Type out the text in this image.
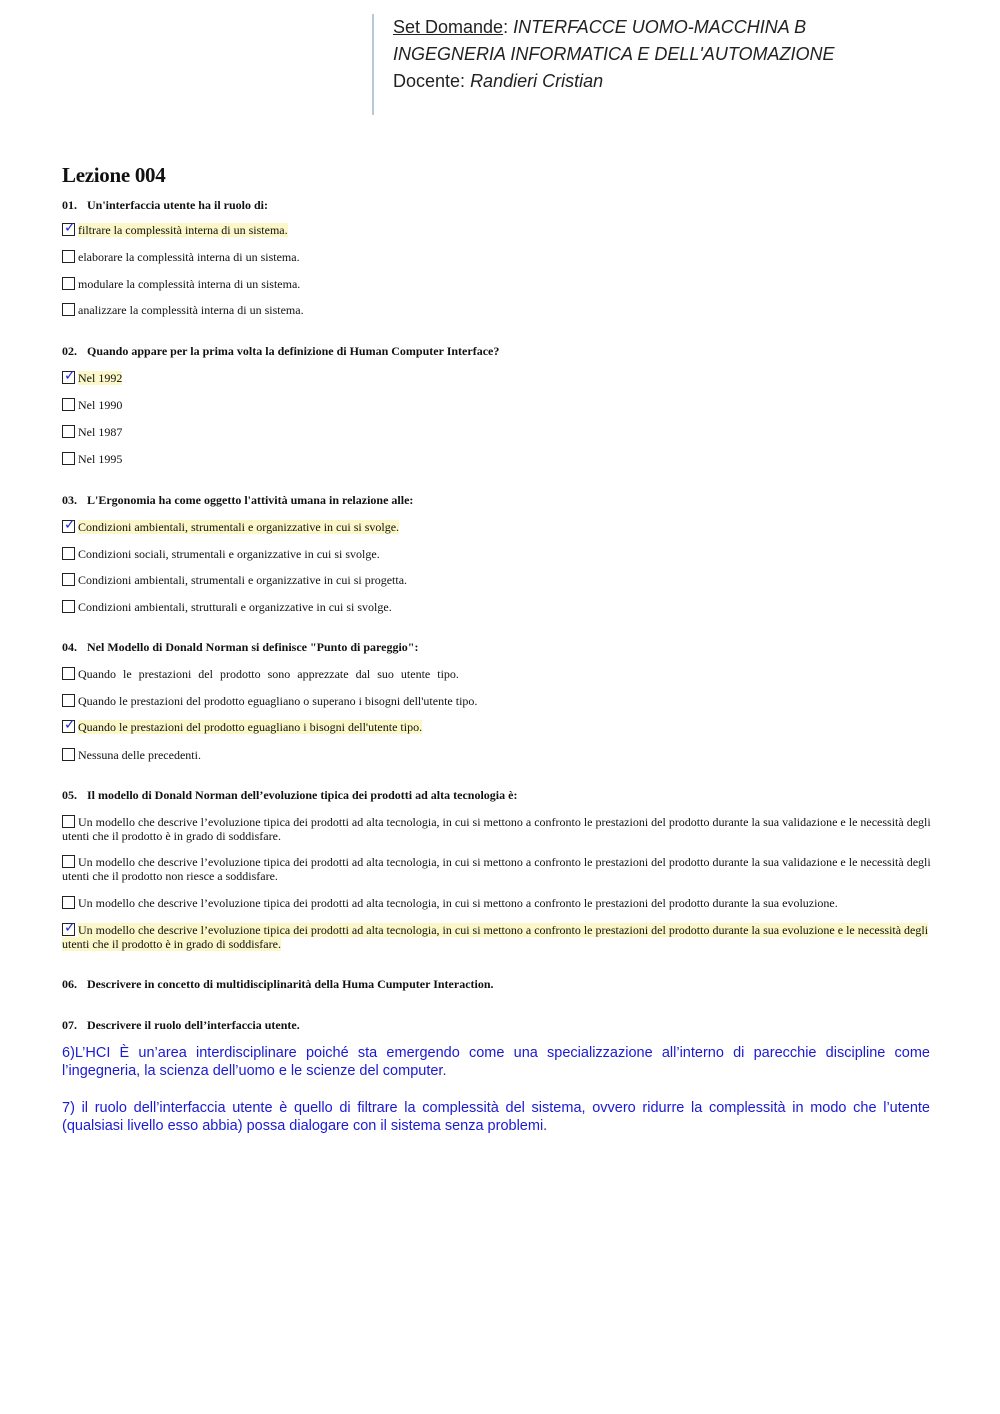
Set Domande: INTERFACCE UOMO-MACCHINA B
INGEGNERIA INFORMATICA E DELL'AUTOMAZIONE
Docente: Randieri Cristian
Lezione 004
01. Un'interfaccia utente ha il ruolo di:
✓ filtrare la complessità interna di un sistema.
elaborare la complessità interna di un sistema.
modulare la complessità interna di un sistema.
analizzare la complessità interna di un sistema.
02. Quando appare per la prima volta la definizione di Human Computer Interface?
✓ Nel 1992
Nel 1990
Nel 1987
Nel 1995
03. L'Ergonomia ha come oggetto l'attività umana in relazione alle:
✓ Condizioni ambientali, strumentali e organizzative in cui si svolge.
Condizioni sociali, strumentali e organizzative in cui si svolge.
Condizioni ambientali, strumentali e organizzative in cui si progetta.
Condizioni ambientali, strutturali e organizzative in cui si svolge.
04. Nel Modello di Donald Norman si definisce "Punto di pareggio":
Quando le prestazioni del prodotto sono apprezzate dal suo utente tipo.
Quando le prestazioni del prodotto eguagliano o superano i bisogni dell'utente tipo.
✓ Quando le prestazioni del prodotto eguagliano i bisogni dell'utente tipo.
Nessuna delle precedenti.
05. Il modello di Donald Norman dell’evoluzione tipica dei prodotti ad alta tecnologia è:
Un modello che descrive l’evoluzione tipica dei prodotti ad alta tecnologia, in cui si mettono a confronto le prestazioni del prodotto durante la sua validazione e le necessità degli utenti che il prodotto è in grado di soddisfare.
Un modello che descrive l’evoluzione tipica dei prodotti ad alta tecnologia, in cui si mettono a confronto le prestazioni del prodotto durante la sua validazione e le necessità degli utenti che il prodotto non riesce a soddisfare.
Un modello che descrive l’evoluzione tipica dei prodotti ad alta tecnologia, in cui si mettono a confronto le prestazioni del prodotto durante la sua evoluzione.
✓ Un modello che descrive l’evoluzione tipica dei prodotti ad alta tecnologia, in cui si mettono a confronto le prestazioni del prodotto durante la sua evoluzione e le necessità degli utenti che il prodotto è in grado di soddisfare.
06. Descrivere in concetto di multidisciplinarità della Huma Cumputer Interaction.
07. Descrivere il ruolo dell’interfaccia utente.
6)L’HCI È un’area interdisciplinare poiché sta emergendo come una specializzazione all’interno di parecchie discipline come l’ingegneria, la scienza dell’uomo e le scienze del computer.
7) il ruolo dell’interfaccia utente è quello di filtrare la complessità del sistema, ovvero ridurre la complessità in modo che l’utente (qualsiasi livello esso abbia) possa dialogare con il sistema senza problemi.
